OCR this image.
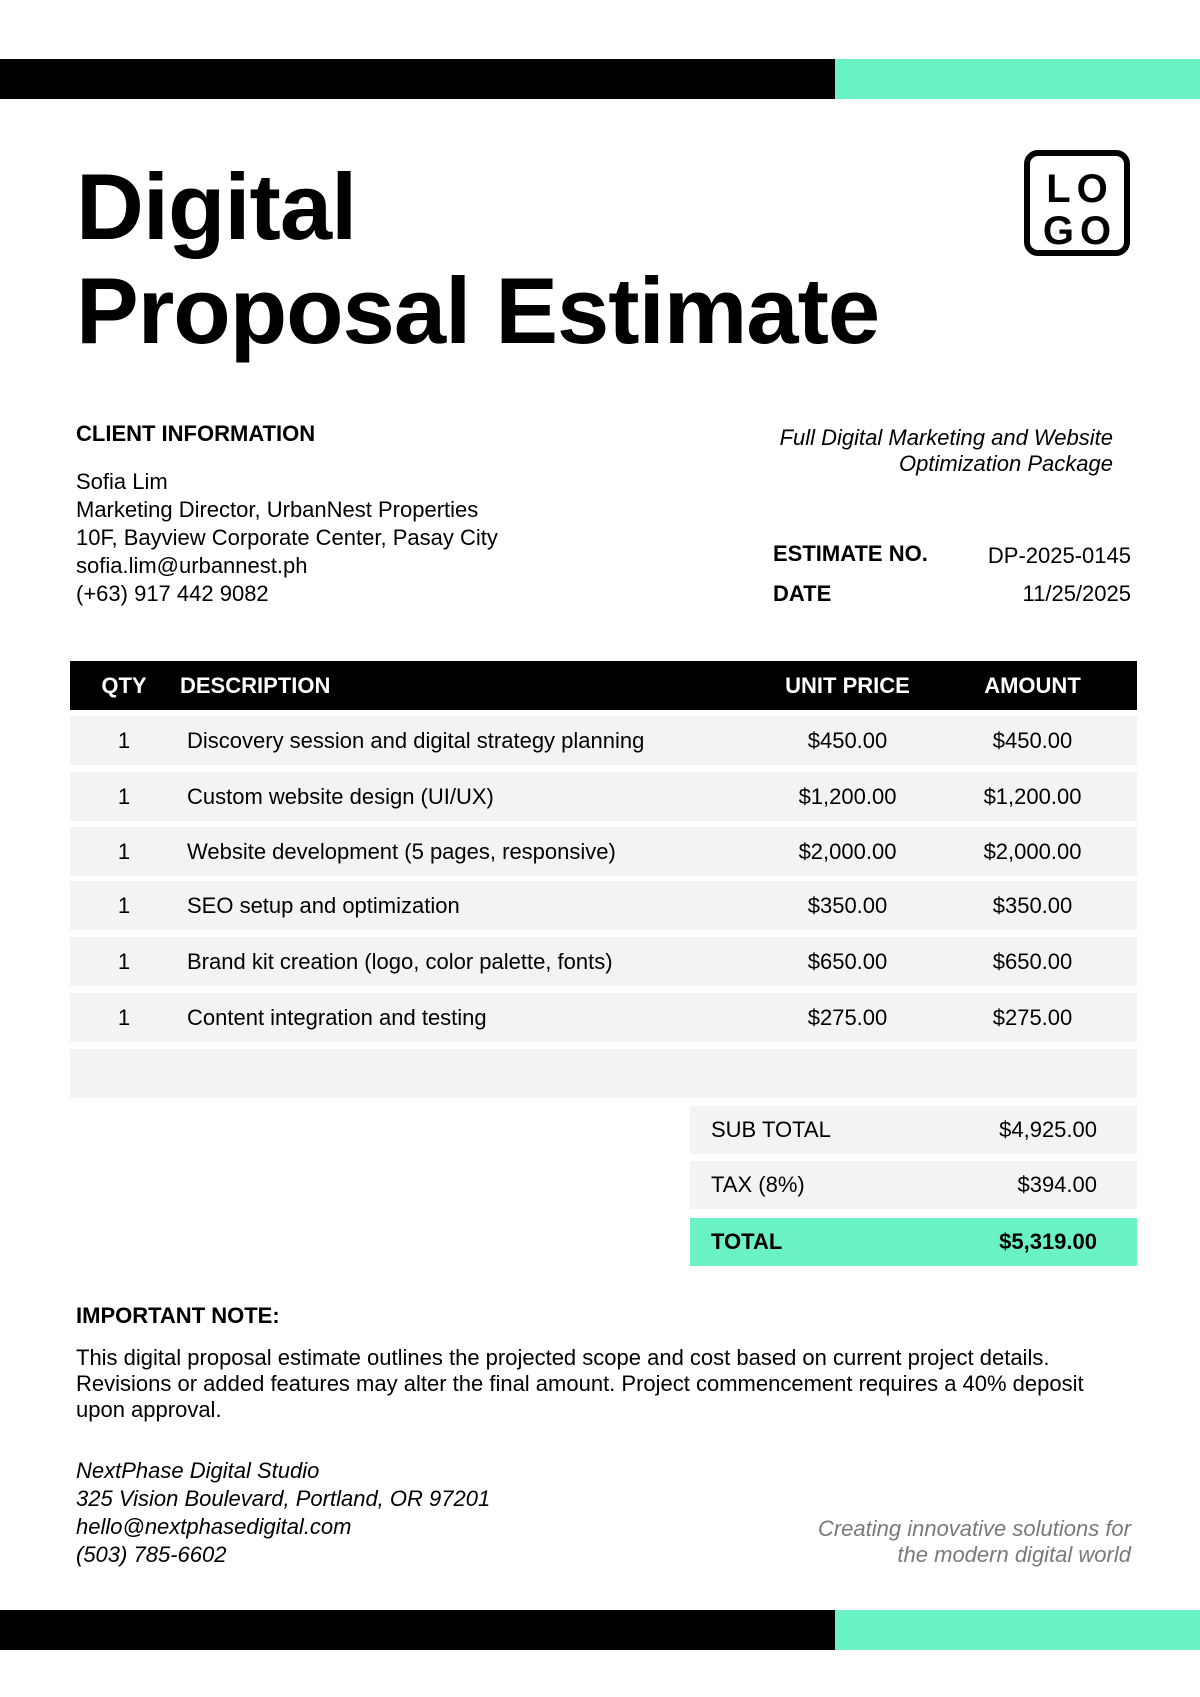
Digital
Proposal Estimate
LO
GO
CLIENT INFORMATION
Sofia Lim
Marketing Director, UrbanNest Properties
10F, Bayview Corporate Center, Pasay City
sofia.lim@urbannest.ph
(+63) 917 442 9082
Full Digital Marketing and Website
Optimization Package
ESTIMATE NO.	DP-2025-0145
DATE	11/25/2025
QTY	DESCRIPTION	UNIT PRICE	AMOUNT
1	Discovery session and digital strategy planning	$450.00	$450.00
1	Custom website design (UI/UX)	$1,200.00	$1,200.00
1	Website development (5 pages, responsive)	$2,000.00	$2,000.00
1	SEO setup and optimization	$350.00	$350.00
1	Brand kit creation (logo, color palette, fonts)	$650.00	$650.00
1	Content integration and testing	$275.00	$275.00
SUB TOTAL	$4,925.00
TAX (8%)	$394.00
TOTAL	$5,319.00
IMPORTANT NOTE:
This digital proposal estimate outlines the projected scope and cost based on current project details. Revisions or added features may alter the final amount. Project commencement requires a 40% deposit upon approval.
NextPhase Digital Studio
325 Vision Boulevard, Portland, OR 97201
hello@nextphasedigital.com
(503) 785-6602
Creating innovative solutions for
the modern digital world
